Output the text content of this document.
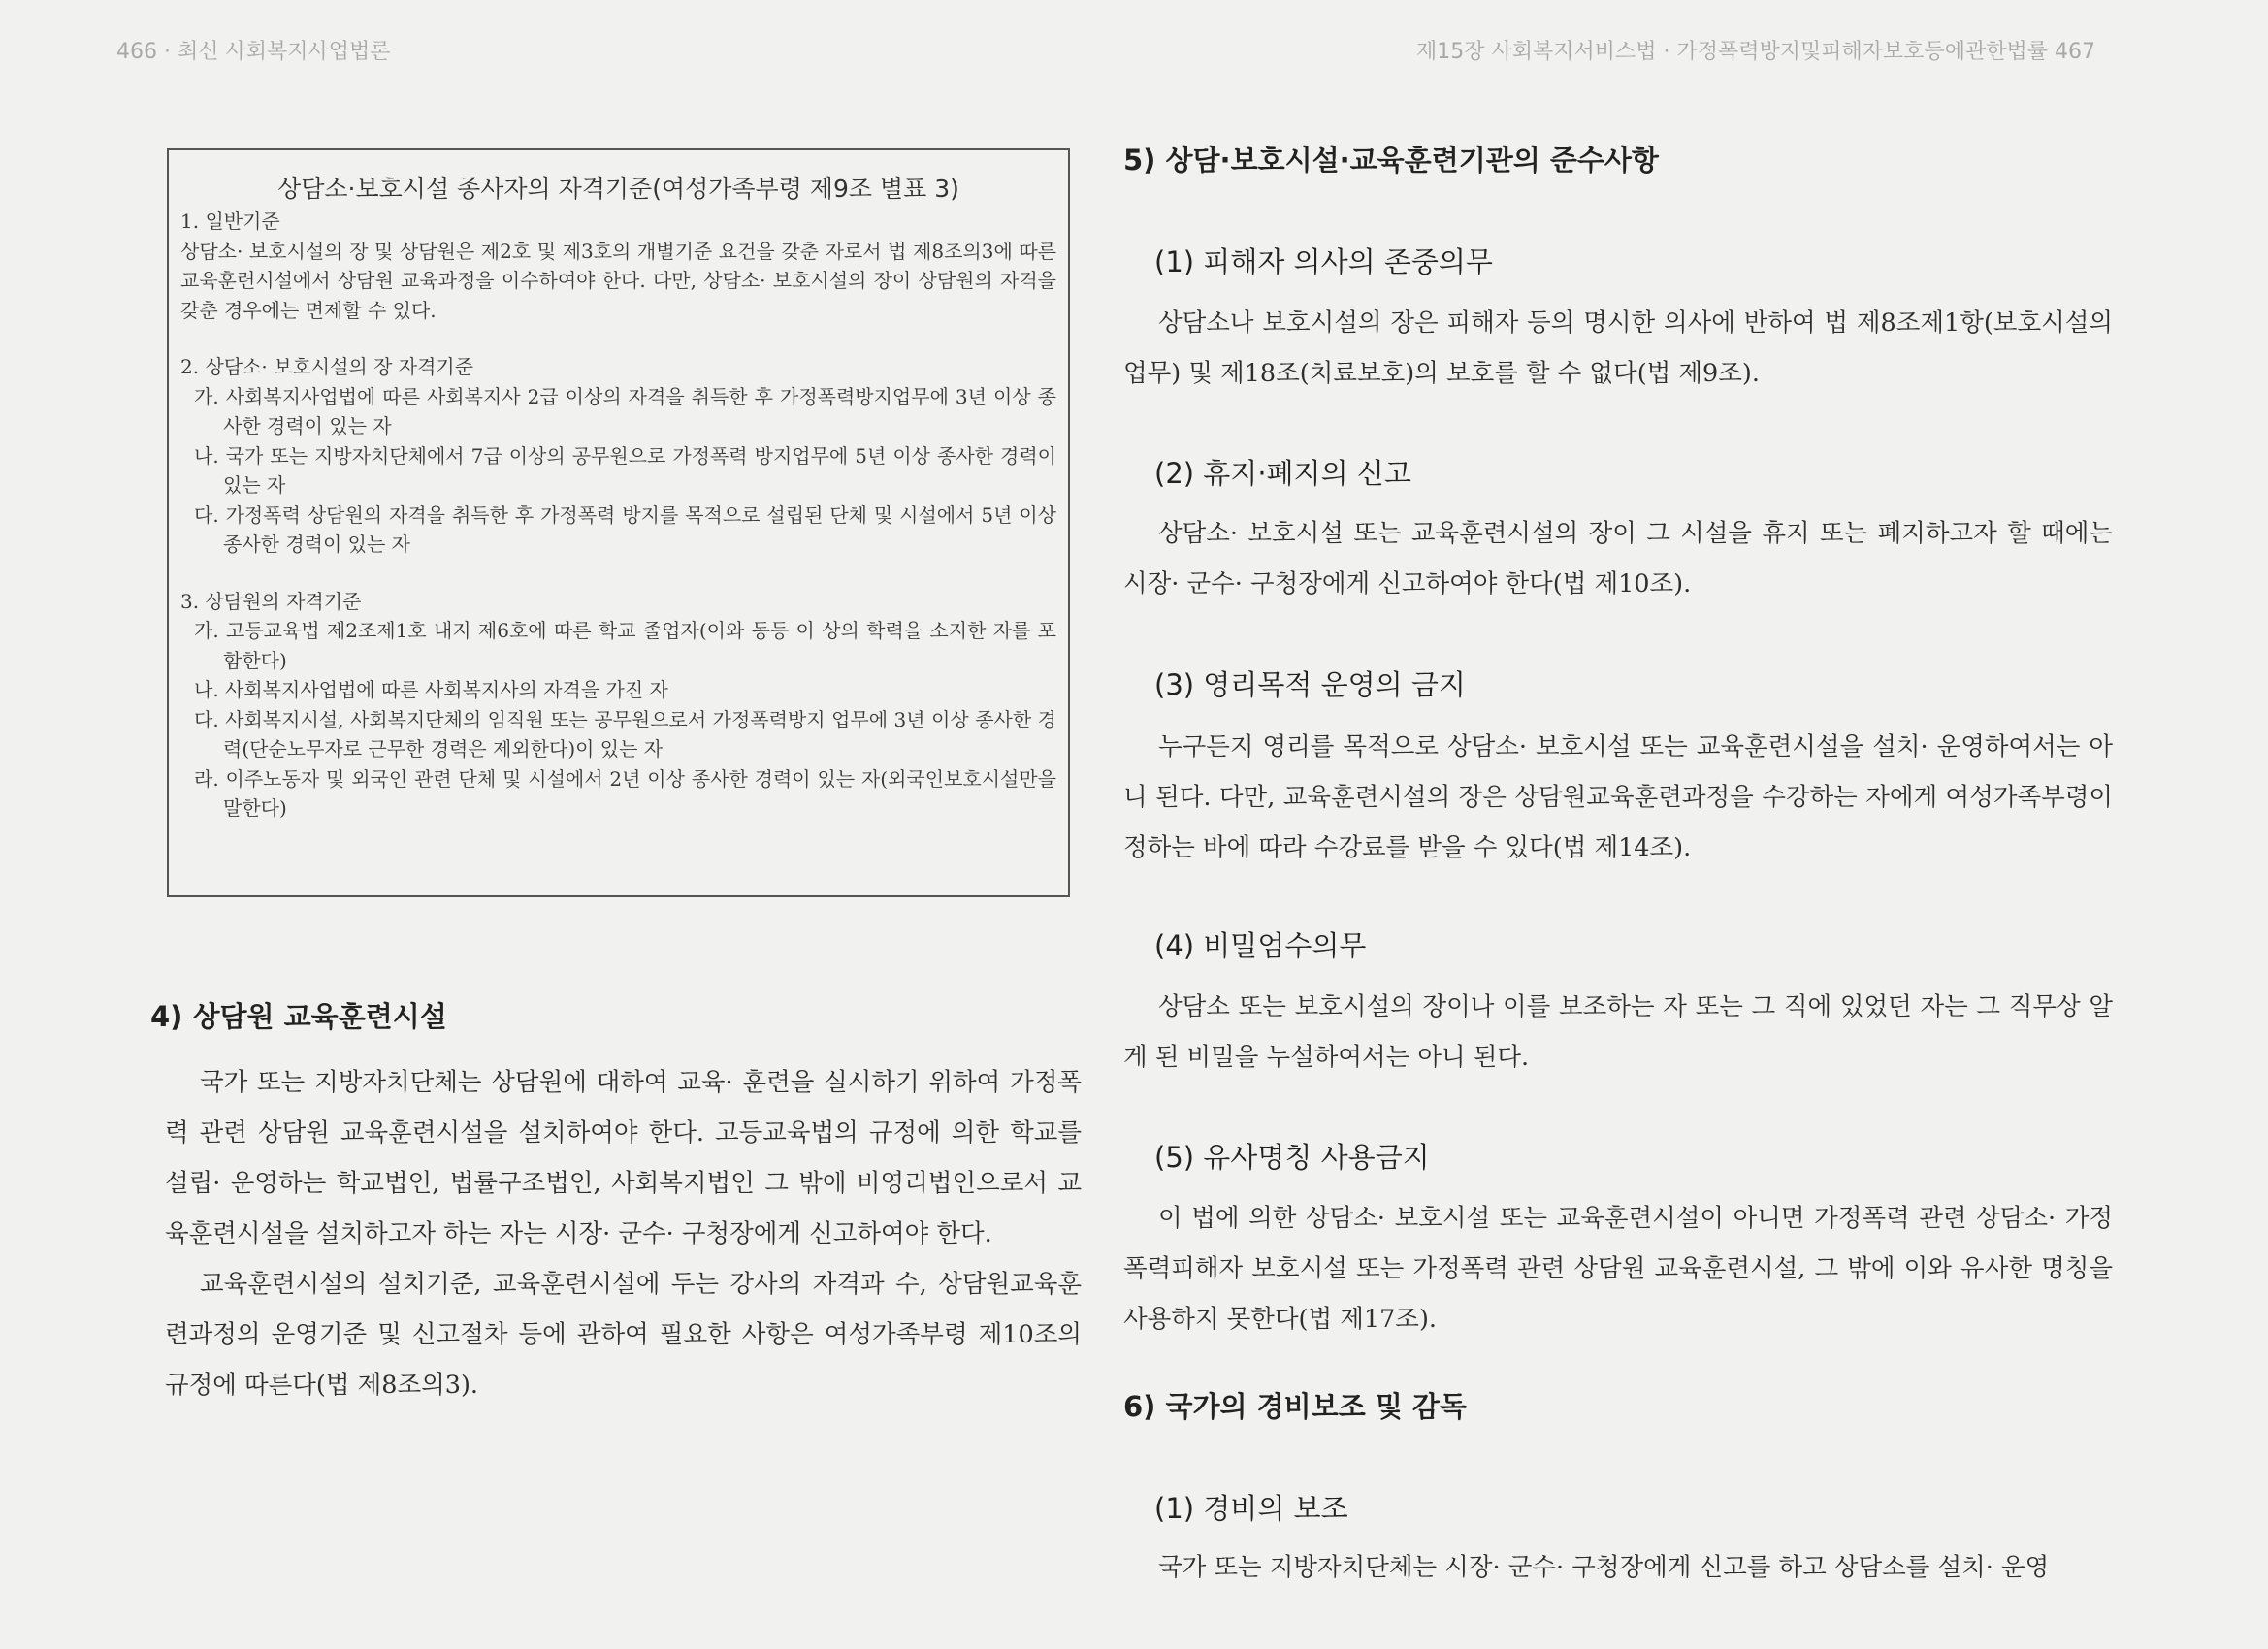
466 · 최신 사회복지사업법론	제15장 사회복지서비스법 · 가정폭력방지및피해자보호등에관한법률 467

상담소·보호시설 종사자의 자격기준(여성가족부령 제9조 별표 3)

1. 일반기준

상담소· 보호시설의 장 및 상담원은 제2호 및 제3호의 개별기준 요건을 갖춘 자로서 법 제8조의3에 따른 교육훈련시설에서 상담원 교육과정을 이수하여야 한다. 다만, 상담소· 보호시설의 장이 상담원의 자격을 갖춘 경우에는 면제할 수 있다.

2. 상담소· 보호시설의 장 자격기준

가. 사회복지사업법에 따른 사회복지사 2급 이상의 자격을 취득한 후 가정폭력방지업무에 3년 이상 종사한 경력이 있는 자

나. 국가 또는 지방자치단체에서 7급 이상의 공무원으로 가정폭력 방지업무에 5년 이상 종사한 경력이 있는 자

다. 가정폭력 상담원의 자격을 취득한 후 가정폭력 방지를 목적으로 설립된 단체 및 시설에서 5년 이상 종사한 경력이 있는 자

3. 상담원의 자격기준

가. 고등교육법 제2조제1호 내지 제6호에 따른 학교 졸업자(이와 동등 이 상의 학력을 소지한 자를 포함한다)

나. 사회복지사업법에 따른 사회복지사의 자격을 가진 자

다. 사회복지시설, 사회복지단체의 임직원 또는 공무원으로서 가정폭력방지 업무에 3년 이상 종사한 경력(단순노무자로 근무한 경력은 제외한다)이 있는 자

라. 이주노동자 및 외국인 관련 단체 및 시설에서 2년 이상 종사한 경력이 있는 자(외국인보호시설만을 말한다)

4) 상담원 교육훈련시설

국가 또는 지방자치단체는 상담원에 대하여 교육· 훈련을 실시하기 위하여 가정폭력 관련 상담원 교육훈련시설을 설치하여야 한다. 고등교육법의 규정에 의한 학교를 설립· 운영하는 학교법인, 법률구조법인, 사회복지법인 그 밖에 비영리법인으로서 교육훈련시설을 설치하고자 하는 자는 시장· 군수· 구청장에게 신고하여야 한다.

교육훈련시설의 설치기준, 교육훈련시설에 두는 강사의 자격과 수, 상담원교육훈련과정의 운영기준 및 신고절차 등에 관하여 필요한 사항은 여성가족부령 제10조의 규정에 따른다(법 제8조의3).

5) 상담·보호시설·교육훈련기관의 준수사항

(1) 피해자 의사의 존중의무

상담소나 보호시설의 장은 피해자 등의 명시한 의사에 반하여 법 제8조제1항(보호시설의 업무) 및 제18조(치료보호)의 보호를 할 수 없다(법 제9조).

(2) 휴지·폐지의 신고

상담소· 보호시설 또는 교육훈련시설의 장이 그 시설을 휴지 또는 폐지하고자 할 때에는 시장· 군수· 구청장에게 신고하여야 한다(법 제10조).

(3) 영리목적 운영의 금지

누구든지 영리를 목적으로 상담소· 보호시설 또는 교육훈련시설을 설치· 운영하여서는 아니 된다. 다만, 교육훈련시설의 장은 상담원교육훈련과정을 수강하는 자에게 여성가족부령이 정하는 바에 따라 수강료를 받을 수 있다(법 제14조).

(4) 비밀엄수의무

상담소 또는 보호시설의 장이나 이를 보조하는 자 또는 그 직에 있었던 자는 그 직무상 알게 된 비밀을 누설하여서는 아니 된다.

(5) 유사명칭 사용금지

이 법에 의한 상담소· 보호시설 또는 교육훈련시설이 아니면 가정폭력 관련 상담소· 가정폭력피해자 보호시설 또는 가정폭력 관련 상담원 교육훈련시설, 그 밖에 이와 유사한 명칭을 사용하지 못한다(법 제17조).

6) 국가의 경비보조 및 감독

(1) 경비의 보조

국가 또는 지방자치단체는 시장· 군수· 구청장에게 신고를 하고 상담소를 설치· 운영
